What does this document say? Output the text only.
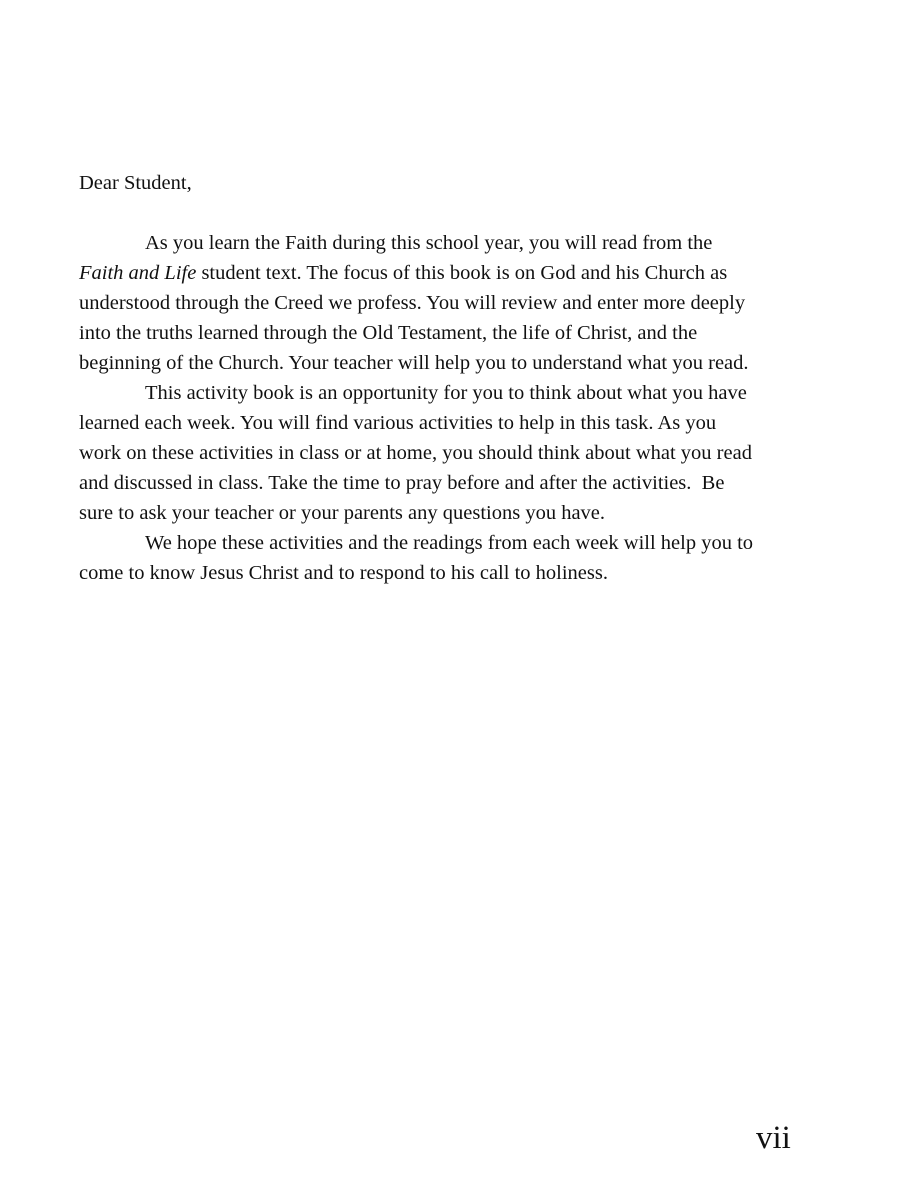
Dear Student,

As you learn the Faith during this school year, you will read from the
Faith and Life student text. The focus of this book is on God and his Church as
understood through the Creed we profess. You will review and enter more deeply
into the truths learned through the Old Testament, the life of Christ, and the
beginning of the Church. Your teacher will help you to understand what you read.

This activity book is an opportunity for you to think about what you have
learned each week. You will find various activities to help in this task. As you
work on these activities in class or at home, you should think about what you read
and discussed in class. Take the time to pray before and after the activities.  Be
sure to ask your teacher or your parents any questions you have.

We hope these activities and the readings from each week will help you to
come to know Jesus Christ and to respond to his call to holiness.

vii
